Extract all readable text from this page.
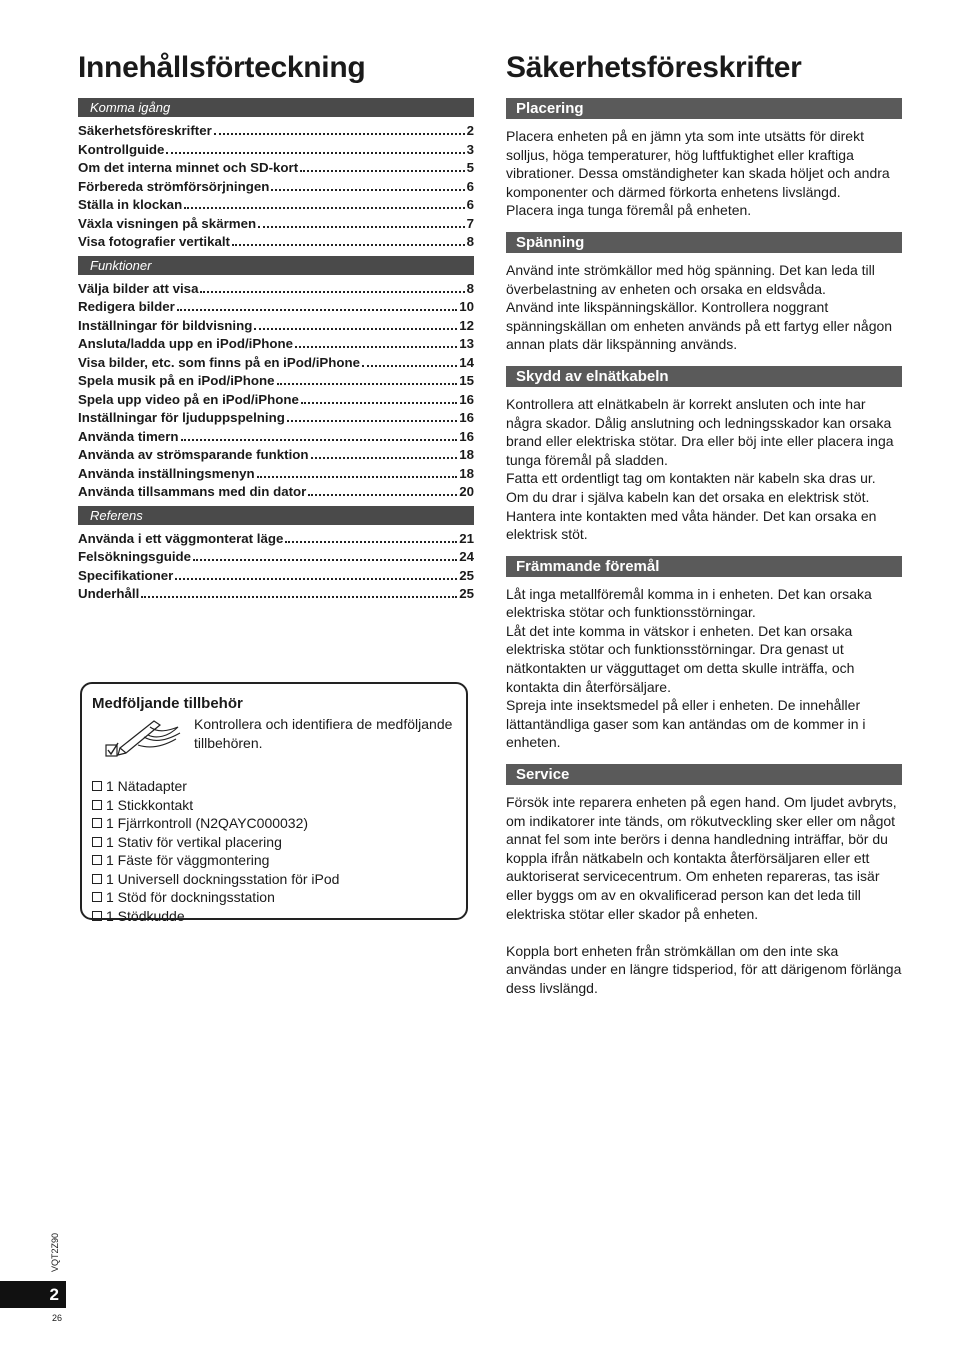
Innehållsförteckning
Komma igång
Säkerhetsföreskrifter	2
Kontrollguide	3
Om det interna minnet och SD-kort	5
Förbereda strömförsörjningen	6
Ställa in klockan	6
Växla visningen på skärmen	7
Visa fotografier vertikalt	8
Funktioner
Välja bilder att visa	8
Redigera bilder	10
Inställningar för bildvisning	12
Ansluta/ladda upp en iPod/iPhone	13
Visa bilder, etc. som finns på en iPod/iPhone	14
Spela musik på en iPod/iPhone	15
Spela upp video på en iPod/iPhone	16
Inställningar för ljuduppspelning	16
Använda timern	16
Använda av strömsparande funktion	18
Använda inställningsmenyn	18
Använda tillsammans med din dator	20
Referens
Använda i ett väggmonterat läge	21
Felsökningsguide	24
Specifikationer	25
Underhåll	25
Medföljande tillbehör
Kontrollera och identifiera de medföljande tillbehören.
1 Nätadapter
1 Stickkontakt
1 Fjärrkontroll (N2QAYC000032)
1 Stativ för vertikal placering
1 Fäste för väggmontering
1 Universell dockningsstation för iPod
1 Stöd för dockningsstation
1 Stödkudde
Säkerhetsföreskrifter
Placering

Placera enheten på en jämn yta som inte utsätts för direkt solljus, höga temperaturer, hög luftfuktighet eller kraftiga vibrationer. Dessa omständigheter kan skada höljet och andra komponenter och därmed förkorta enhetens livslängd.

Placera inga tunga föremål på enheten.

Spänning

Använd inte strömkällor med hög spänning. Det kan leda till överbelastning av enheten och orsaka en eldsvåda.

Använd inte likspänningskällor. Kontrollera noggrant spänningskällan om enheten används på ett fartyg eller någon annan plats där likspänning används.

Skydd av elnätkabeln

Kontrollera att elnätkabeln är korrekt ansluten och inte har några skador. Dålig anslutning och ledningsskador kan orsaka brand eller elektriska stötar. Dra eller böj inte eller placera inga tunga föremål på sladden.

Fatta ett ordentligt tag om kontakten när kabeln ska dras ur. Om du drar i själva kabeln kan det orsaka en elektrisk stöt.

Hantera inte kontakten med våta händer. Det kan orsaka en elektrisk stöt.

Främmande föremål

Låt inga metallföremål komma in i enheten. Det kan orsaka elektriska stötar och funktionsstörningar.

Låt det inte komma in vätskor i enheten. Det kan orsaka elektriska stötar och funktionsstörningar. Dra genast ut nätkontakten ur vägguttaget om detta skulle inträffa, och kontakta din återförsäljare.

Spreja inte insektsmedel på eller i enheten. De innehåller lättantändliga gaser som kan antändas om de kommer in i enheten.

Service

Försök inte reparera enheten på egen hand. Om ljudet avbryts, om indikatorer inte tänds, om rökutveckling sker eller om något annat fel som inte berörs i denna handledning inträffar, bör du koppla ifrån nätkabeln och kontakta återförsäljaren eller ett auktoriserat servicecentrum. Om enheten repareras, tas isär eller byggs om av en okvalificerad person kan det leda till elektriska stötar eller skador på enheten.

Koppla bort enheten från strömkällan om den inte ska användas under en längre tidsperiod, för att därigenom förlänga dess livslängd.

VQT2Z90
2
26
